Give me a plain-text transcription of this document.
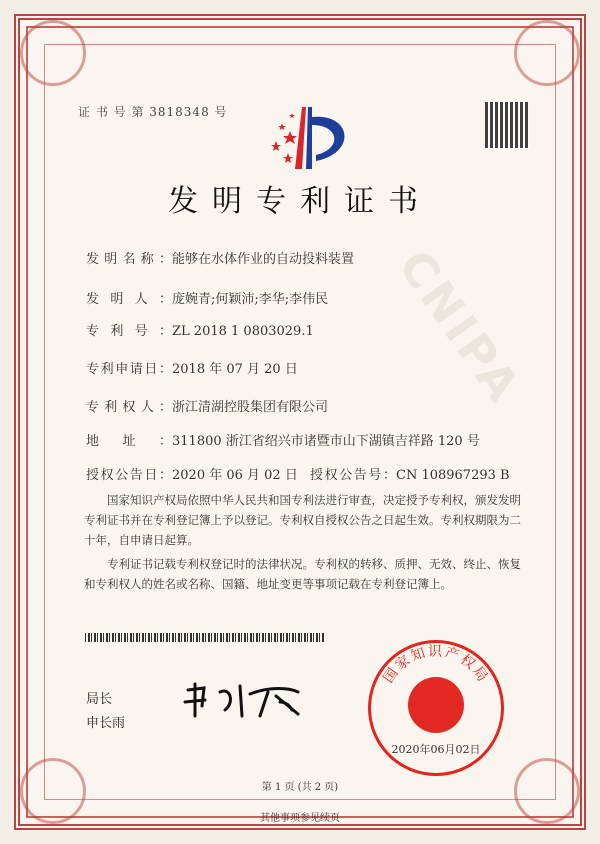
CNIPA
证 书 号 第 3818348 号
发明专利证书
发明名称：能够在水体作业的自动投料装置
发明人：庞婉青;何颖沛;李华;李伟民
专利号：ZL 2018 1 0803029.1
专利申请日：2018 年 07 月 20 日
专利权人：浙江清湖控股集团有限公司
地址：311800 浙江省绍兴市诸暨市山下湖镇吉祥路 120 号
授权公告日：2020 年 06 月 02 日 授权公告号：CN 108967293 B
国家知识产权局依照中华人民共和国专利法进行审查，决定授予专利权，颁发发明专利证书并在专利登记簿上予以登记。专利权自授权公告之日起生效。专利权期限为二十年，自申请日起算。
专利证书记载专利权登记时的法律状况。专利权的转移、质押、无效、终止、恢复和专利权人的姓名或名称、国籍、地址变更等事项记载在专利登记簿上。
局长
申长雨
国家知识产权局
2020年06月02日
第 1 页 (共 2 页)
其他事项参见续页
